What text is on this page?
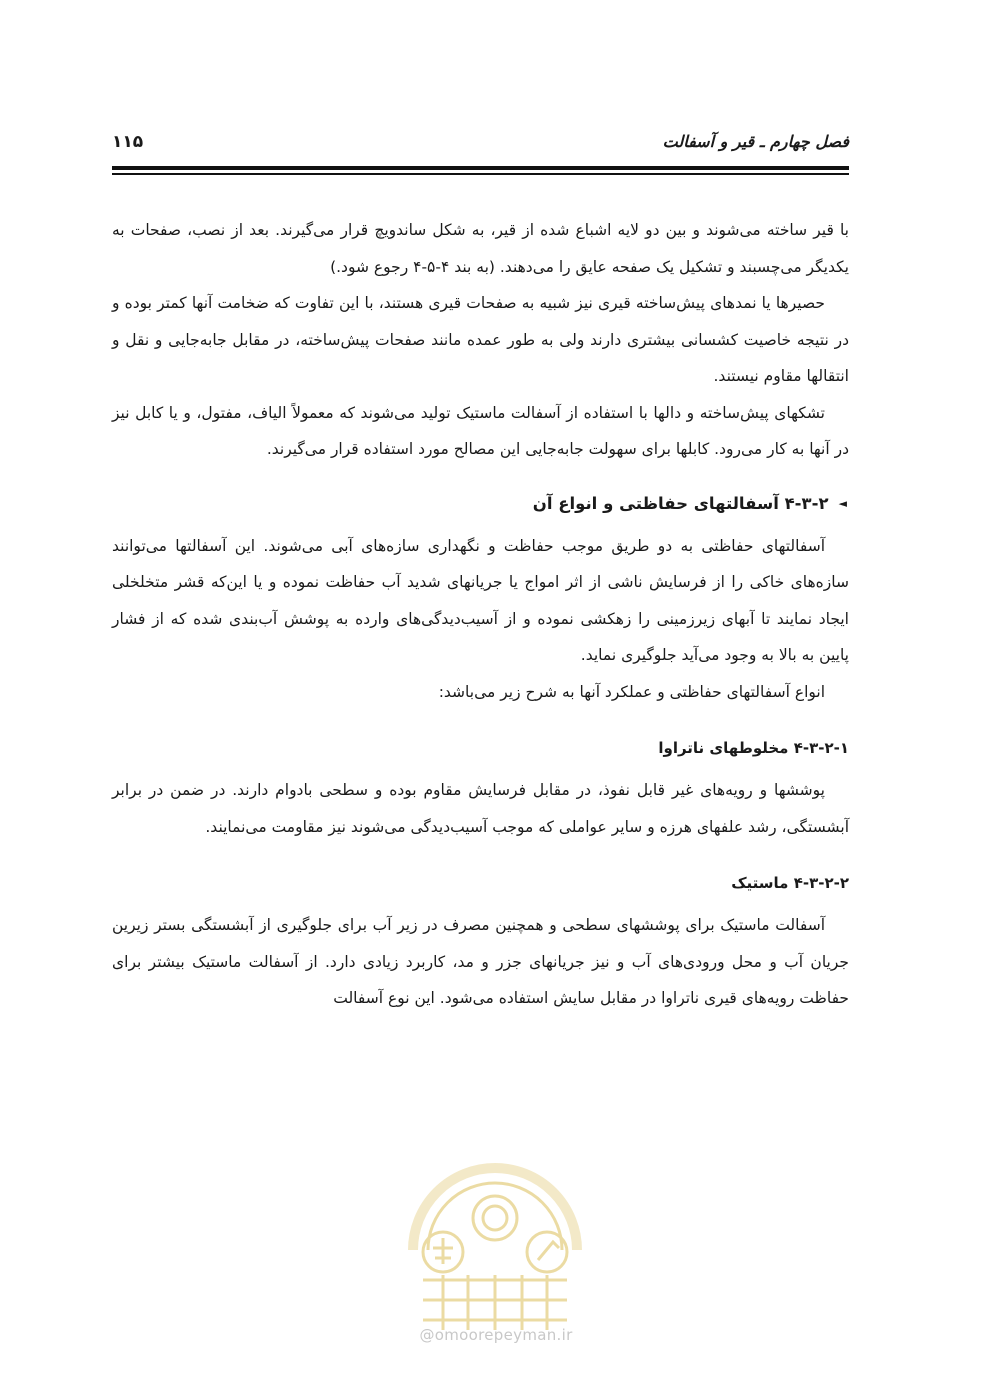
فصل چهارم ـ قیر و آسفالت
۱۱۵

با قیر ساخته می‌شوند و بین دو لایه اشباع شده از قیر، به شکل ساندویچ قرار می‌گیرند. بعد از نصب، صفحات به یکدیگر می‌چسبند و تشکیل یک صفحه عایق را می‌دهند. (به بند ۴-۵-۴ رجوع شود.)

حصیرها یا نمدهای پیش‌ساخته قیری نیز شبیه به صفحات قیری هستند، با این تفاوت که ضخامت آنها کمتر بوده و در نتیجه خاصیت کشسانی بیشتری دارند ولی به طور عمده مانند صفحات پیش‌ساخته، در مقابل جابه‌جایی و نقل و انتقالها مقاوم نیستند.

تشکهای پیش‌ساخته و دالها با استفاده از آسفالت ماستیک تولید می‌شوند که معمولاً الیاف، مفتول، و یا کابل نیز در آنها به کار می‌رود. کابلها برای سهولت جابه‌جایی این مصالح مورد استفاده قرار می‌گیرند.

◄
۴-۳-۲ آسفالتهای حفاظتی و انواع آن

آسفالتهای حفاظتی به دو طریق موجب حفاظت و نگهداری سازه‌های آبی می‌شوند. این آسفالتها می‌توانند سازه‌های خاکی را از فرسایش ناشی از اثر امواج یا جریانهای شدید آب حفاظت نموده و یا این‌که قشر متخلخلی ایجاد نمایند تا آبهای زیرزمینی را زهکشی نموده و از آسیب‌دیدگی‌های وارده به پوشش آب‌بندی شده که از فشار پایین به بالا به وجود می‌آید جلوگیری نماید.

انواع آسفالتهای حفاظتی و عملکرد آنها به شرح زیر می‌باشد:

۴-۳-۲-۱ مخلوطهای ناتراوا

پوششها و رویه‌های غیر قابل نفوذ، در مقابل فرسایش مقاوم بوده و سطحی بادوام دارند. در ضمن در برابر آبشستگی، رشد علفهای هرزه و سایر عواملی که موجب آسیب‌دیدگی می‌شوند نیز مقاومت می‌نمایند.

۴-۳-۲-۲ ماستیک

آسفالت ماستیک برای پوششهای سطحی و همچنین مصرف در زیر آب برای جلوگیری از آبشستگی بستر زیرین جریان آب و محل ورودی‌های آب و نیز جریانهای جزر و مد، کاربرد زیادی دارد. از آسفالت ماستیک بیشتر برای حفاظت رویه‌های قیری ناتراوا در مقابل سایش استفاده می‌شود. این نوع آسفالت

@omoorepeyman.ir
